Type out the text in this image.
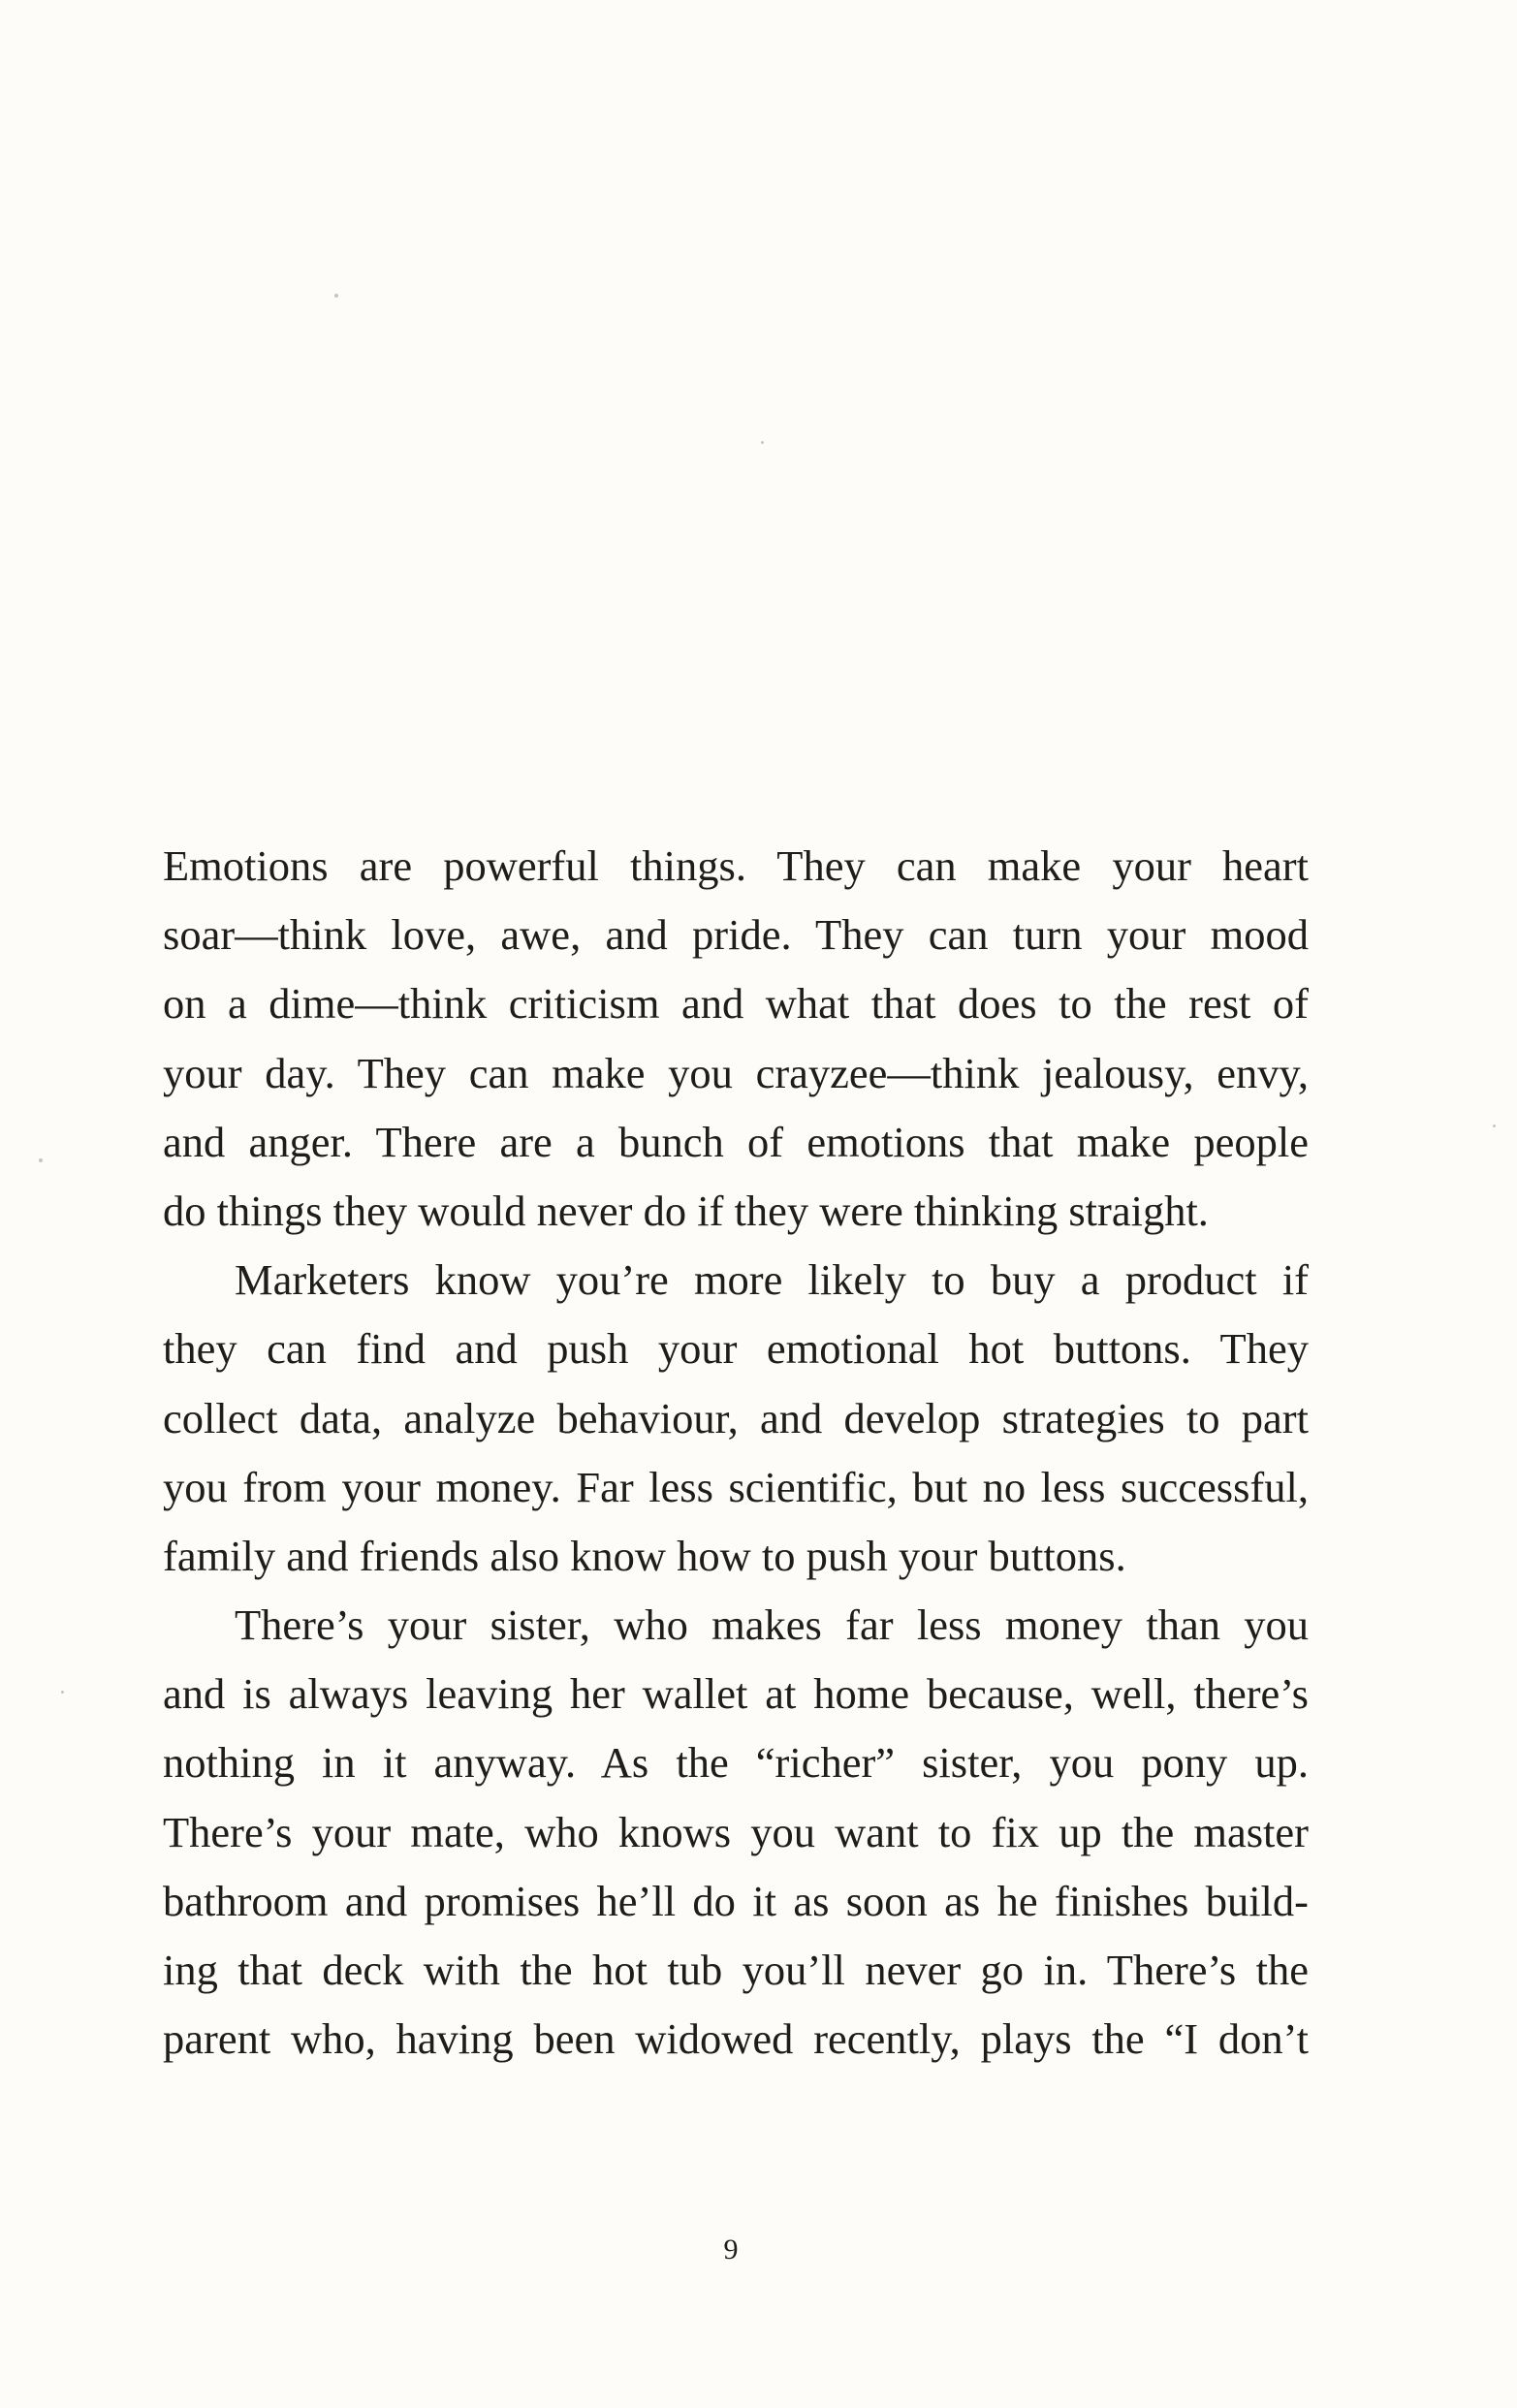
Emotions are powerful things. They can make your heart
soar—think love, awe, and pride. They can turn your mood
on a dime—think criticism and what that does to the rest of
your day. They can make you crayzee—think jealousy, envy,
and anger. There are a bunch of emotions that make people
do things they would never do if they were thinking straight.
Marketers know you’re more likely to buy a product if
they can find and push your emotional hot buttons. They
collect data, analyze behaviour, and develop strategies to part
you from your money. Far less scientific, but no less successful,
family and friends also know how to push your buttons.
There’s your sister, who makes far less money than you
and is always leaving her wallet at home because, well, there’s
nothing in it anyway. As the “richer” sister, you pony up.
There’s your mate, who knows you want to fix up the master
bathroom and promises he’ll do it as soon as he finishes build-
ing that deck with the hot tub you’ll never go in. There’s the
parent who, having been widowed recently, plays the “I don’t
9
